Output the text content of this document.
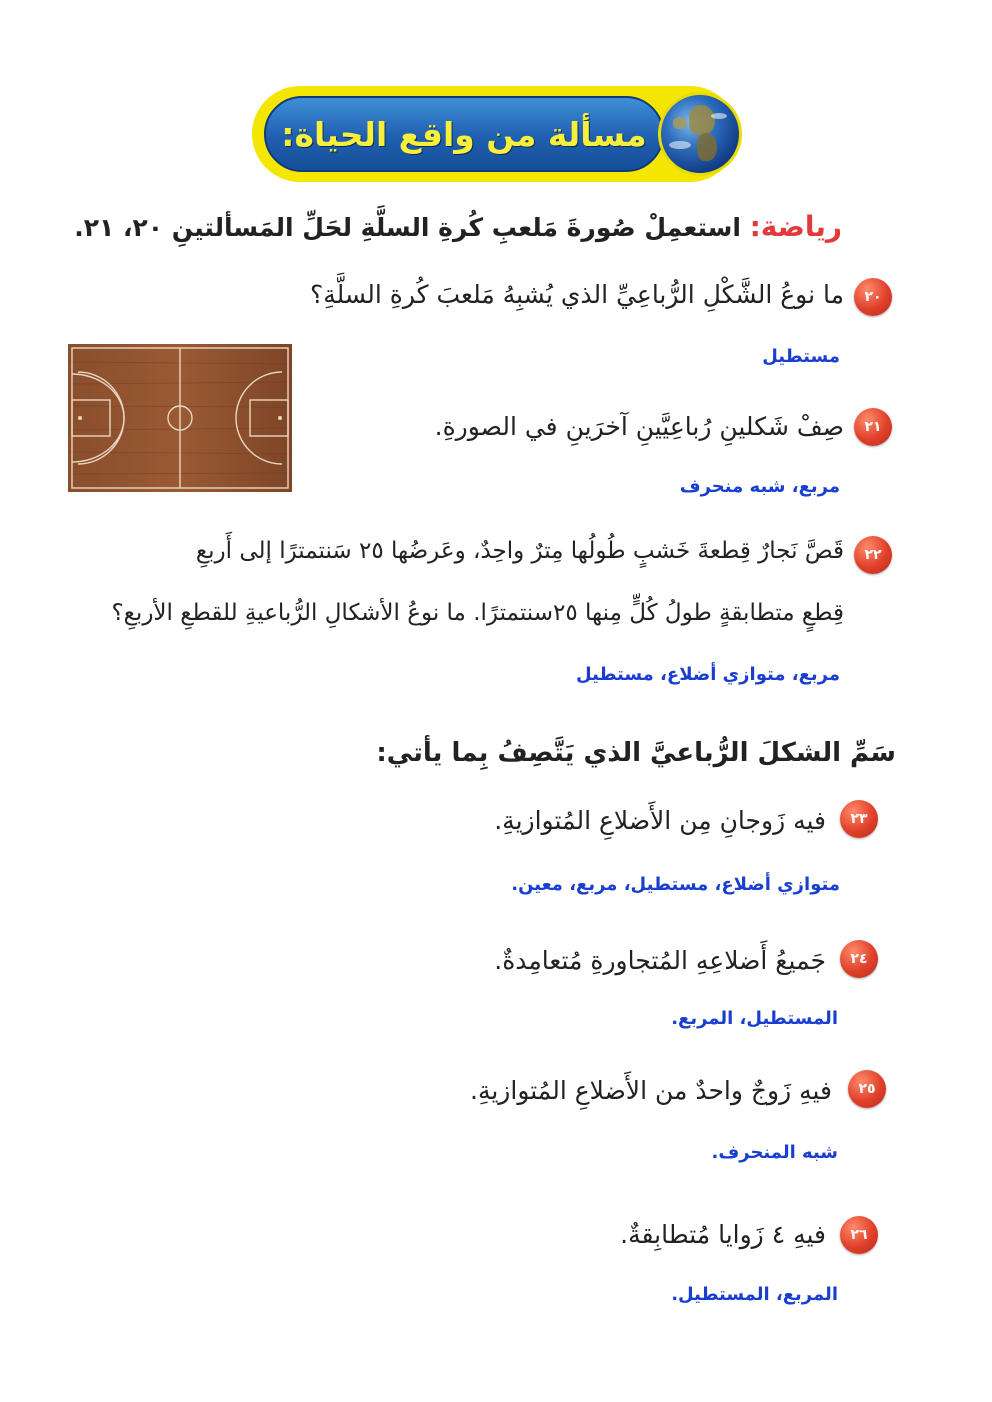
مسألة من واقع الحياة:
رياضة: استعمِلْ صُورةَ مَلعبِ كُرةِ السلَّةِ لحَلِّ المَسألتينِ ٢٠، ٢١.
٢٠
ما نوعُ الشَّكْلِ الرُّباعِيِّ الذي يُشبِهُ مَلعبَ كُرةِ السلَّةِ؟
مستطيل
٢١
صِفْ شَكلينِ رُباعِيَّينِ آخرَينِ في الصورةِ.
مربع، شبه منحرف
٢٢
قَصَّ نَجارٌ قِطعةَ خَشبٍ طُولُها مِترٌ واحِدٌ، وعَرضُها ٢٥ سَنتمترًا إلى أَربعِ
قِطعٍ متطابقةٍ طولُ كُلٍّ مِنها ٢٥سنتمترًا. ما نوعُ الأشكالِ الرُّباعيةِ للقطعِ الأربعِ؟
مربع، متوازي أضلاع، مستطيل
سَمِّ الشكلَ الرُّباعيَّ الذي يَتَّصِفُ بِما يأتي:
٢٣
فيه زَوجانِ مِن الأَضلاعِ المُتوازيةِ.
متوازي أضلاع، مستطيل، مربع، معين.
٢٤
جَميعُ أَضلاعِهِ المُتجاورةِ مُتعامِدةٌ.
المستطيل، المربع.
٢٥
فيهِ زَوجٌ واحدٌ من الأَضلاعِ المُتوازيةِ.
شبه المنحرف.
٢٦
فيهِ ٤ زَوايا مُتطابِقةٌ.
المربع، المستطيل.
